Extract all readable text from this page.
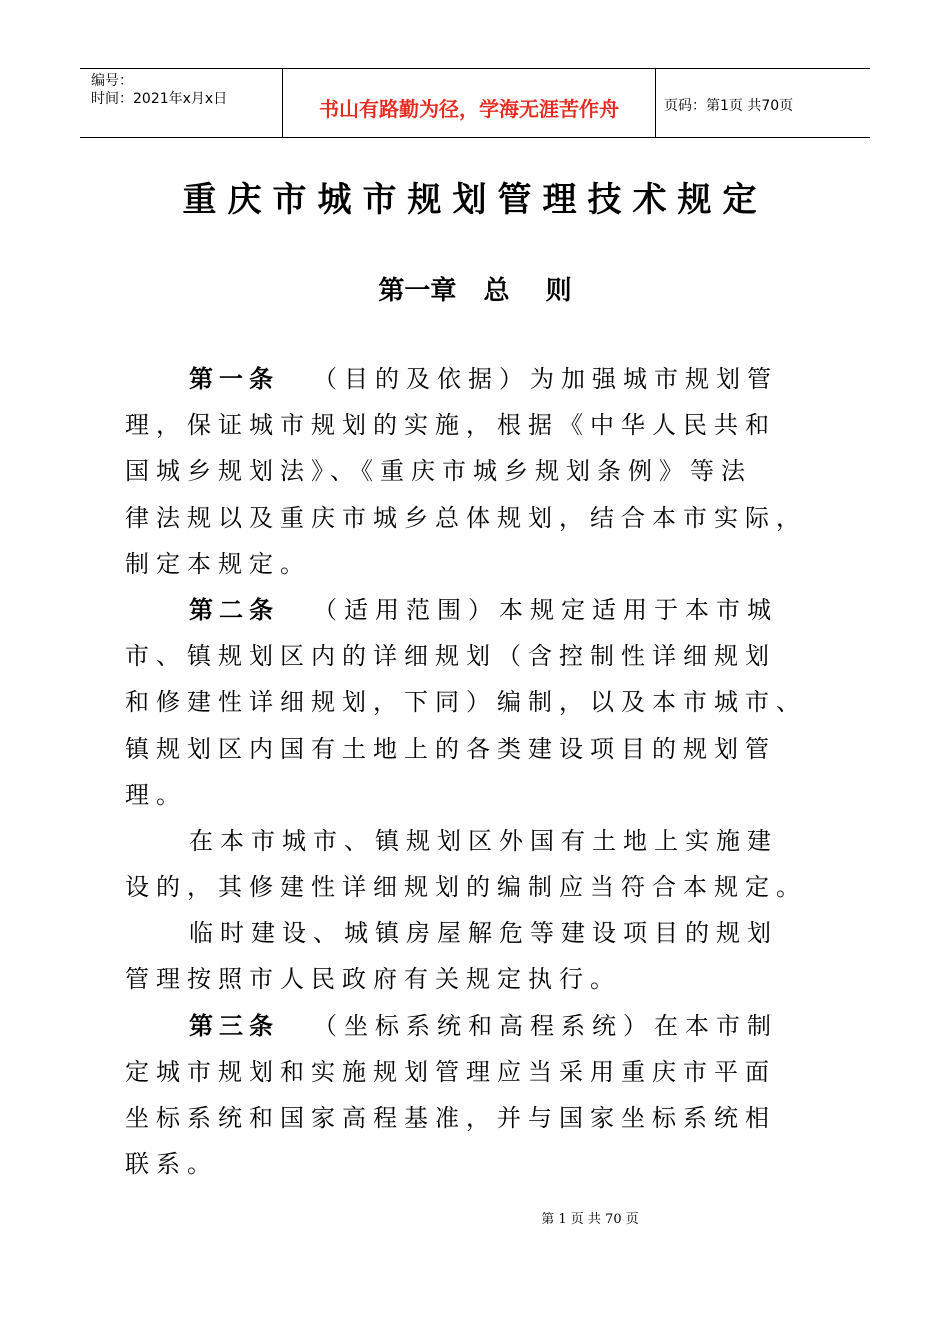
编号：
时间：2021年x月x日	书山有路勤为径，学海无涯苦作舟	页码：第1页 共70页
重庆市城市规划管理技术规定
第一章   总    则
第一条 （目的及依据）为加强城市规划管
理，保证城市规划的实施，根据《中华人民共和
国城乡规划法》、《重庆市城乡规划条例》等法
律法规以及重庆市城乡总体规划，结合本市实际，
制定本规定。
第二条 （适用范围）本规定适用于本市城
市、镇规划区内的详细规划（含控制性详细规划
和修建性详细规划，下同）编制，以及本市城市、
镇规划区内国有土地上的各类建设项目的规划管
理。
在本市城市、镇规划区外国有土地上实施建
设的，其修建性详细规划的编制应当符合本规定。
临时建设、城镇房屋解危等建设项目的规划
管理按照市人民政府有关规定执行。
第三条 （坐标系统和高程系统）在本市制
定城市规划和实施规划管理应当采用重庆市平面
坐标系统和国家高程基准，并与国家坐标系统相
联系。
第 1 页 共 70 页
